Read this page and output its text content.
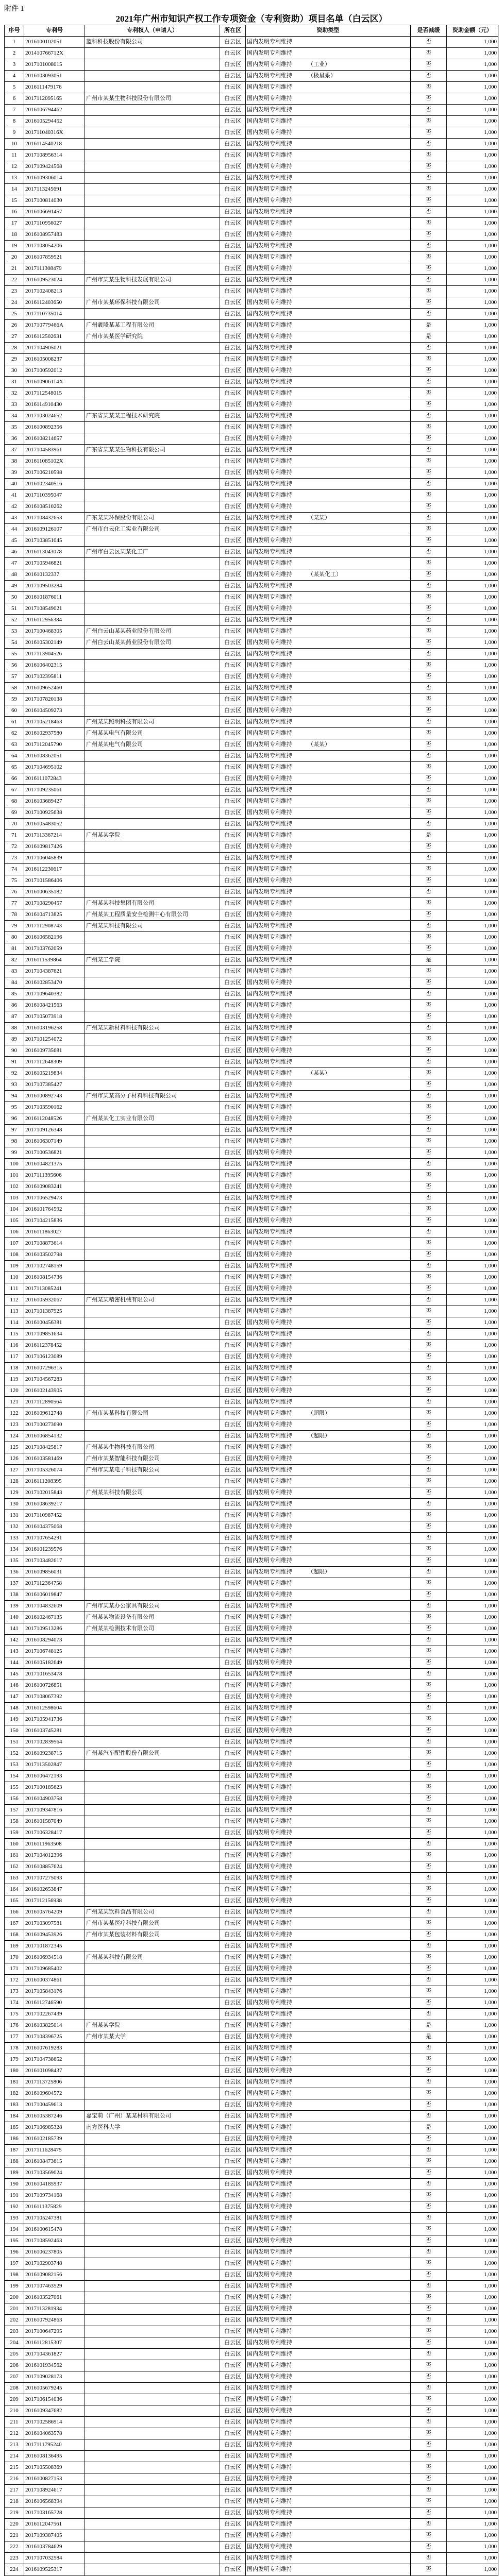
附件 1
2021年广州市知识产权工作专项资金（专利资助）项目名单（白云区）
序号	专利号	专利权人（申请人）	所在区	资助类型	是否减缓	资助金额（元）
1	2016100102051	蓝科科技股份有限公司	白云区	国内发明专利维持	否	1,000
2	201410766712X		白云区	国内发明专利维持	否	1,000
3	2017101008015		白云区	国内发明专利维持 （工业）	否	1,000
4	2016103093051		白云区	国内发明专利维持 （极星系）	否	1,000
5	2016111479176		白云区	国内发明专利维持	否	1,000
6	2017112095165	广州市某某生物科技股份有限公司	白云区	国内发明专利维持	否	1,000
7	2016106794462		白云区	国内发明专利维持	否	1,000
8	2016105294452		白云区	国内发明专利维持	否	1,000
9	201711040316X		白云区	国内发明专利维持	否	1,000
10	2016114540218		白云区	国内发明专利维持	否	1,000
11	2017108956314		白云区	国内发明专利维持	否	1,000
12	2017109424568		白云区	国内发明专利维持	否	1,000
13	2016109306014		白云区	国内发明专利维持	否	1,000
14	2017113245691		白云区	国内发明专利维持	否	1,000
15	2017100814030		白云区	国内发明专利维持	否	1,000
16	2016106691457		白云区	国内发明专利维持	否	1,000
17	2017110956027		白云区	国内发明专利维持	否	1,000
18	2016108957483		白云区	国内发明专利维持	否	1,000
19	2017108054206		白云区	国内发明专利维持	否	1,000
20	2016107859521		白云区	国内发明专利维持	否	1,000
21	2017111308479		白云区	国内发明专利维持	否	1,000
22	2016109523024	广州市某某生物科技发展有限公司	白云区	国内发明专利维持	否	1,000
23	2017102408213		白云区	国内发明专利维持	否	1,000
24	2016112403650	广州市某某环保科技有限公司	白云区	国内发明专利维持	否	1,000
25	2017110735014		白云区	国内发明专利维持	否	1,000
26	201710779466A	广州羲隆某某工程有限公司	白云区	国内发明专利维持	是	1,000
27	2016112502631	广州市某某医学研究院	白云区	国内发明专利维持	是	1,000
28	2017104905021		白云区	国内发明专利维持	否	1,000
29	2016105008237		白云区	国内发明专利维持	否	1,000
30	2017100592012		白云区	国内发明专利维持	否	1,000
31	201610906114X		白云区	国内发明专利维持	否	1,000
32	2017112548015		白云区	国内发明专利维持	否	1,000
33	2016114910430		白云区	国内发明专利维持	否	1,000
34	2017103024652	广东省某某某工程技术研究院	白云区	国内发明专利维持	否	1,000
35	2016100892356		白云区	国内发明专利维持	否	1,000
36	2016108214657		白云区	国内发明专利维持	否	1,000
37	2017104583961	广东省某某某生物科技有限公司	白云区	国内发明专利维持	否	1,000
38	201611085102X		白云区	国内发明专利维持	否	1,000
39	2017106210598		白云区	国内发明专利维持	否	1,000
40	2016102340516		白云区	国内发明专利维持	否	1,000
41	2017110395047		白云区	国内发明专利维持	否	1,000
42	2016108510262		白云区	国内发明专利维持	否	1,000
43	2017108432653	广东某某环保股份有限公司	白云区	国内发明专利维持 （某某）	否	1,000
44	2016109126107	广州市白云化工实业有限公司	白云区	国内发明专利维持	否	1,000
45	2017103851045		白云区	国内发明专利维持	否	1,000
46	2016113043078	广州市白云区某某化工厂	白云区	国内发明专利维持	否	1,000
47	2017105946821		白云区	国内发明专利维持	否	1,000
48	201610132337		白云区	国内发明专利维持 （某某化工）	否	1,000
49	2017109503284		白云区	国内发明专利维持	否	1,000
50	2016101876011		白云区	国内发明专利维持	否	1,000
51	2017108549021		白云区	国内发明专利维持	否	1,000
52	2016112956384		白云区	国内发明专利维持	否	1,000
53	2017100468305	广州白云山某某药业股份有限公司	白云区	国内发明专利维持	否	1,000
54	2016105302149	广州白云山某某药业股份有限公司	白云区	国内发明专利维持	否	1,000
55	2017113904526		白云区	国内发明专利维持	否	1,000
56	2016106402315		白云区	国内发明专利维持	否	1,000
57	2017102395811		白云区	国内发明专利维持	否	1,000
58	2016109652460		白云区	国内发明专利维持	否	1,000
59	2017107820138		白云区	国内发明专利维持	否	1,000
60	2016104509273		白云区	国内发明专利维持	否	1,000
61	2017105218463	广州某某照明科技有限公司	白云区	国内发明专利维持	否	1,000
62	2016102937580	广州某某电气有限公司	白云区	国内发明专利维持	否	1,000
63	2017112045790	广州某某电气有限公司	白云区	国内发明专利维持 （某某）	否	1,000
64	2016108362051		白云区	国内发明专利维持	否	1,000
65	2017104695102		白云区	国内发明专利维持	否	1,000
66	2016111072843		白云区	国内发明专利维持	否	1,000
67	2017109235061		白云区	国内发明专利维持	否	1,000
68	2016103689427		白云区	国内发明专利维持	否	1,000
69	2017100925638		白云区	国内发明专利维持	否	1,000
70	2016105483052		白云区	国内发明专利维持	否	1,000
71	2017113367214	广州某某学院	白云区	国内发明专利维持	是	1,000
72	2016109817426		白云区	国内发明专利维持	否	1,000
73	2017106045839		白云区	国内发明专利维持	否	1,000
74	2016112230617		白云区	国内发明专利维持	否	1,000
75	2017101586406		白云区	国内发明专利维持	否	1,000
76	2016100635182		白云区	国内发明专利维持	否	1,000
77	2017108290457	广州某某科技集团有限公司	白云区	国内发明专利维持	否	1,000
78	2016104713825	广州某某工程质量安全检测中心有限公司	白云区	国内发明专利维持	否	1,000
79	2017112908743	广州某某科技有限公司	白云区	国内发明专利维持	否	1,000
80	2016106582196		白云区	国内发明专利维持	否	1,000
81	2017103762059		白云区	国内发明专利维持	否	1,000
82	2016111539864	广州某工学院	白云区	国内发明专利维持	是	1,000
83	2017104387621		白云区	国内发明专利维持	否	1,000
84	2016102853470		白云区	国内发明专利维持	否	1,000
85	2017109640382		白云区	国内发明专利维持	否	1,000
86	2016108421563		白云区	国内发明专利维持	否	1,000
87	2017105073918		白云区	国内发明专利维持	否	1,000
88	2016103196258	广州某某新材料科技有限公司	白云区	国内发明专利维持	否	1,000
89	2017101254072		白云区	国内发明专利维持	否	1,000
90	2016109735681		白云区	国内发明专利维持	否	1,000
91	2017112648309		白云区	国内发明专利维持	否	1,000
92	2016105219834		白云区	国内发明专利维持 （某某）	否	1,000
93	2017107385427		白云区	国内发明专利维持	否	1,000
94	2016100892743	广州市某某高分子材料科技有限公司	白云区	国内发明专利维持	否	1,000
95	2017103590162		白云区	国内发明专利维持	否	1,000
96	2016112048526	广州某某化工实业有限公司	白云区	国内发明专利维持	否	1,000
97	2017109126348		白云区	国内发明专利维持	否	1,000
98	2016106307149		白云区	国内发明专利维持	否	1,000
99	2017100536821		白云区	国内发明专利维持	否	1,000
100	2016104821375		白云区	国内发明专利维持	否	1,000
101	2017111395606		白云区	国内发明专利维持	否	1,000
102	2016109083241		白云区	国内发明专利维持	否	1,000
103	2017106529473		白云区	国内发明专利维持	否	1,000
104	2016101764592		白云区	国内发明专利维持	否	1,000
105	2017104215836		白云区	国内发明专利维持	否	1,000
106	2016111863027		白云区	国内发明专利维持	否	1,000
107	2017108873614		白云区	国内发明专利维持	否	1,000
108	2016103502798		白云区	国内发明专利维持	否	1,000
109	2017102748159		白云区	国内发明专利维持	否	1,000
110	2016108154736		白云区	国内发明专利维持	否	1,000
111	2017113085241		白云区	国内发明专利维持	否	1,000
112	2016105932067	广州某某精密机械有限公司	白云区	国内发明专利维持	否	1,000
113	2017101387925		白云区	国内发明专利维持	否	1,000
114	2016100456381		白云区	国内发明专利维持	否	1,000
115	2017109851634		白云区	国内发明专利维持	否	1,000
116	2016112378452		白云区	国内发明专利维持	否	1,000
117	2017106123089		白云区	国内发明专利维持	否	1,000
118	2016107296315		白云区	国内发明专利维持	否	1,000
119	2017104567283		白云区	国内发明专利维持	否	1,000
120	2016102143905		白云区	国内发明专利维持	否	1,000
121	2017112890564		白云区	国内发明专利维持	否	1,000
122	2016109612748	广州市某某科技有限公司	白云区	国内发明专利维持 （超限）	否	1,000
123	2017100273690		白云区	国内发明专利维持	否	1,000
124	2016106854132		白云区	国内发明专利维持 （超限）	否	1,000
125	2017108425817	广州某某生物科技有限公司	白云区	国内发明专利维持	否	1,000
126	2016103581469	广州市某某智能科技有限公司	白云区	国内发明专利维持	否	1,000
127	2017105326074	广州市某某电子科技有限公司	白云区	国内发明专利维持	否	1,000
128	2016111208395		白云区	国内发明专利维持	否	1,000
129	2017102015843	广州某某科技有限公司	白云区	国内发明专利维持	否	1,000
130	2016108639217		白云区	国内发明专利维持	否	1,000
131	2017110987452		白云区	国内发明专利维持	否	1,000
132	2016104375068		白云区	国内发明专利维持	否	1,000
133	2017107654291		白云区	国内发明专利维持	否	1,000
134	2016101239576		白云区	国内发明专利维持	否	1,000
135	2017103482617		白云区	国内发明专利维持	否	1,000
136	2016109856031		白云区	国内发明专利维持 （超限）	否	1,000
137	2017112364758		白云区	国内发明专利维持	否	1,000
138	2016106019847		白云区	国内发明专利维持	否	1,000
139	2017104832609	广州市某某办公家具有限公司	白云区	国内发明专利维持	否	1,000
140	2016102467135	广州某某物流设备有限公司	白云区	国内发明专利维持	否	1,000
141	2017109513286	广州某某检测技术有限公司	白云区	国内发明专利维持	否	1,000
142	2016108294073		白云区	国内发明专利维持	否	1,000
143	2017106748125		白云区	国内发明专利维持	否	1,000
144	2016105182649		白云区	国内发明专利维持	否	1,000
145	2017101653478		白云区	国内发明专利维持	否	1,000
146	2016100726851		白云区	国内发明专利维持	否	1,000
147	2017108067392		白云区	国内发明专利维持	否	1,000
148	2016112598604		白云区	国内发明专利维持	否	1,000
149	2017105941736		白云区	国内发明专利维持	否	1,000
150	2016103745281		白云区	国内发明专利维持	否	1,000
151	2017102839564		白云区	国内发明专利维持	否	1,000
152	2016109238715	广州某汽车配件股份有限公司	白云区	国内发明专利维持	否	1,000
153	2017113502847		白云区	国内发明专利维持	否	1,000
154	2016106472193		白云区	国内发明专利维持	否	1,000
155	2017100185623		白云区	国内发明专利维持	否	1,000
156	2016104903758		白云区	国内发明专利维持	否	1,000
157	2017109347816		白云区	国内发明专利维持	否	1,000
158	2016101587049		白云区	国内发明专利维持	否	1,000
159	2017106328417		白云区	国内发明专利维持	否	1,000
160	2016111963508		白云区	国内发明专利维持	否	1,000
161	2017104012396		白云区	国内发明专利维持	否	1,000
162	2016108857624		白云区	国内发明专利维持	否	1,000
163	2017107275093		白云区	国内发明专利维持	否	1,000
164	2016102653847		白云区	国内发明专利维持	否	1,000
165	2017112156938		白云区	国内发明专利维持	否	1,000
166	2016105764209	广州某某饮料食品有限公司	白云区	国内发明专利维持	否	1,000
167	2017103097581	广州市某某医疗科技有限公司	白云区	国内发明专利维持	否	1,000
168	2016109453926	广州市某某包装材料有限公司	白云区	国内发明专利维持	否	1,000
169	2017101872345		白云区	国内发明专利维持	否	1,000
170	2016106934518	广州某某科技有限公司	白云区	国内发明专利维持	否	1,000
171	2017109685402		白云区	国内发明专利维持	否	1,000
172	2016100374861		白云区	国内发明专利维持	否	1,000
173	2017105843176		白云区	国内发明专利维持	否	1,000
174	2016112746590		白云区	国内发明专利维持	否	1,000
175	2017102267439		白云区	国内发明专利维持	否	1,000
176	2016103825014	广州某某学院	白云区	国内发明专利维持	是	1,000
177	2017108396725	广州市某某大学	白云区	国内发明专利维持	是	1,000
178	2016107619283		白云区	国内发明专利维持	否	1,000
179	2017104738652		白云区	国内发明专利维持	否	1,000
180	2016101098437		白云区	国内发明专利维持	否	1,000
181	2017113725806		白云区	国内发明专利维持	否	1,000
182	2016109604572		白云区	国内发明专利维持	否	1,000
183	2017100459613		白云区	国内发明专利维持	否	1,000
184	2016105387246	嘉宝莉（广州）某某材料有限公司	白云区	国内发明专利维持	否	1,000
185	2017106985328	南方医科大学	白云区	国内发明专利维持	是	1,000
186	2016102185739		白云区	国内发明专利维持	否	1,000
187	2017111628475		白云区	国内发明专利维持	否	1,000
188	2016108473615		白云区	国内发明专利维持	否	1,000
189	2017103569024		白云区	国内发明专利维持	否	1,000
190	2016104185937		白云区	国内发明专利维持	否	1,000
191	2017109734168		白云区	国内发明专利维持	否	1,000
192	2016111375829		白云区	国内发明专利维持	否	1,000
193	2017105247381		白云区	国内发明专利维持	否	1,000
194	2016100615478		白云区	国内发明专利维持	否	1,000
195	2017108592463		白云区	国内发明专利维持	否	1,000
196	2016106237805		白云区	国内发明专利维持	否	1,000
197	2017102903748		白云区	国内发明专利维持	否	1,000
198	2016109082156		白云区	国内发明专利维持	否	1,000
199	2017107463529		白云区	国内发明专利维持	否	1,000
200	2016103527061		白云区	国内发明专利维持	否	1,000
201	2017113281934		白云区	国内发明专利维持	否	1,000
202	2016107924863		白云区	国内发明专利维持	否	1,000
203	2017100647295		白云区	国内发明专利维持	否	1,000
204	2016112815307		白云区	国内发明专利维持	否	1,000
205	2017104361827		白云区	国内发明专利维持	否	1,000
206	2016101934562		白云区	国内发明专利维持	否	1,000
207	2017109028173		白云区	国内发明专利维持	否	1,000
208	2016105679245		白云区	国内发明专利维持	否	1,000
209	2017106154036		白云区	国内发明专利维持	否	1,000
210	2016109347682		白云区	国内发明专利维持	否	1,000
211	2017102586914		白云区	国内发明专利维持	否	1,000
212	2016104063578		白云区	国内发明专利维持	否	1,000
213	2017111795240		白云区	国内发明专利维持	否	1,000
214	2016108136495		白云区	国内发明专利维持	否	1,000
215	2017105508369		白云区	国内发明专利维持	否	1,000
216	2016100827153		白云区	国内发明专利维持	否	1,000
217	2017108924617		白云区	国内发明专利维持	否	1,000
218	2016106568394		白云区	国内发明专利维持	否	1,000
219	2017103165728		白云区	国内发明专利维持	否	1,000
220	2016112047561		白云区	国内发明专利维持	否	1,000
221	2017109387405		白云区	国内发明专利维持	否	1,000
222	2016103784629		白云区	国内发明专利维持	否	1,000
223	2017107032584		白云区	国内发明专利维持	否	1,000
224	2016109525317		白云区	国内发明专利维持	否	1,000
